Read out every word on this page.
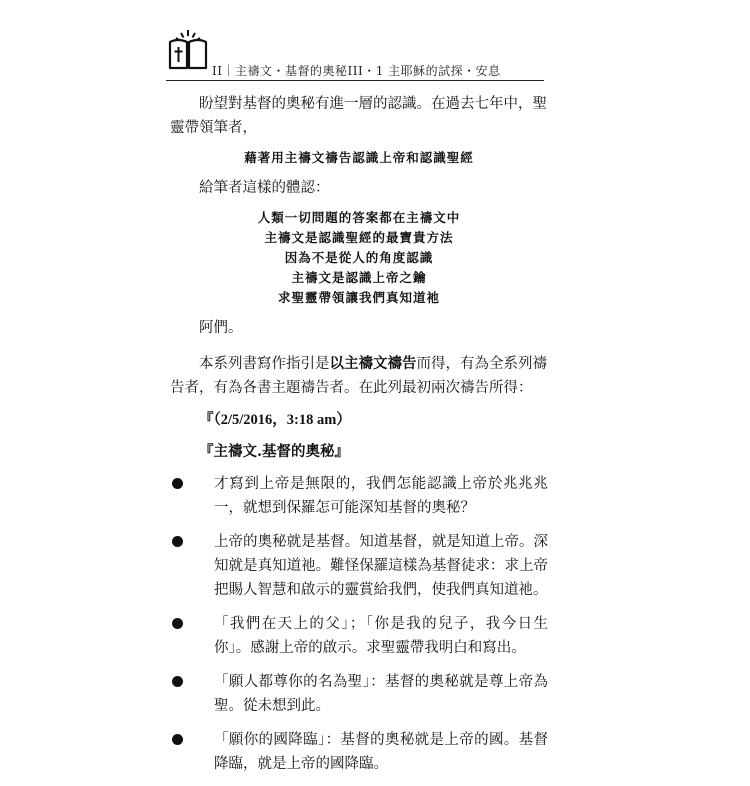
II｜主禱文・基督的奧秘III・1 主耶穌的試探・安息

盼望對基督的奧秘有進一層的認識。在過去七年中，聖靈帶領筆者，

藉著用主禱文禱告認識上帝和認識聖經

給筆者這樣的體認：

人類一切問題的答案都在主禱文中

主禱文是認識聖經的最寶貴方法

因為不是從人的角度認識

主禱文是認識上帝之鑰

求聖靈帶領讓我們真知道祂

阿們。

本系列書寫作指引是以主禱文禱告而得，有為全系列禱告者，有為各書主題禱告者。在此列最初兩次禱告所得：

『（2/5/2016，3:18 am）

『主禱文.基督的奧秘』

才寫到上帝是無限的，我們怎能認識上帝於兆兆兆一，就想到保羅怎可能深知基督的奧秘？

上帝的奧秘就是基督。知道基督，就是知道上帝。深知就是真知道祂。難怪保羅這樣為基督徒求：求上帝把賜人智慧和啟示的靈賞給我們，使我們真知道祂。

「我們在天上的父」；「你是我的兒子，我今日生你」。感謝上帝的啟示。求聖靈帶我明白和寫出。

「願人都尊你的名為聖」：基督的奧秘就是尊上帝為聖。從未想到此。

「願你的國降臨」：基督的奧秘就是上帝的國。基督降臨，就是上帝的國降臨。
